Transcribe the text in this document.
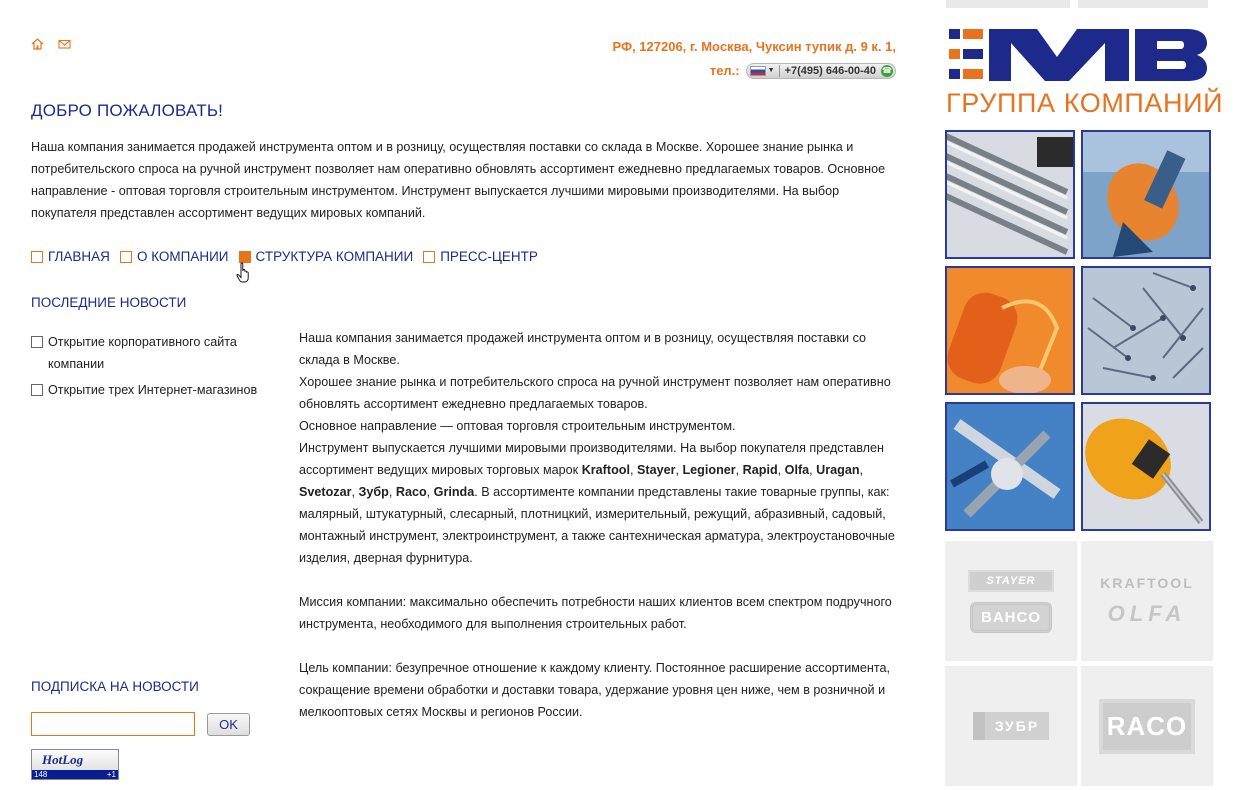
РФ, 127206, г. Москва, Чуксин тупик д. 9 к. 1,
тел.:	▼ +7(495) 646-00-40 ☎
ДОБРО ПОЖАЛОВАТЬ!
Наша компания занимается продажей инструмента оптом и в розницу, осуществляя поставки со склада в Москве. Хорошее знание рынка и потребительского спроса на ручной инструмент позволяет нам оперативно обновлять ассортимент ежедневно предлагаемых товаров. Основное направление - оптовая торговля строительным инструментом. Инструмент выпускается лучшими мировыми производителями. На выбор покупателя представлен ассортимент ведущих мировых компаний.
ГЛАВНАЯ О КОМПАНИИ СТРУКТУРА КОМПАНИИ ПРЕСС-ЦЕНТР
ПОСЛЕДНИЕ НОВОСТИ
Открытие корпоративного сайта компании
Открытие трех Интернет-магазинов

Наша компания занимается продажей инструмента оптом и в розницу, осуществляя поставки со склада в Москве.
Хорошее знание рынка и потребительского спроса на ручной инструмент позволяет нам оперативно обновлять ассортимент ежедневно предлагаемых товаров.
Основное направление — оптовая торговля строительным инструментом.
Инструмент выпускается лучшими мировыми производителями. На выбор покупателя представлен ассортимент ведущих мировых торговых марок Kraftool, Stayer, Legioner, Rapid, Olfa, Uragan, Svetozar, Зубр, Raco, Grinda. В ассортименте компании представлены такие товарные группы, как: малярный, штукатурный, слесарный, плотницкий, измерительный, режущий, абразивный, садовый, монтажный инструмент, электроинструмент, а также сантехническая арматура, электроустановочные изделия, дверная фурнитура.

Миссия компании: максимально обеспечить потребности наших клиентов всем спектром подручного инструмента, необходимого для выполнения строительных работ.

Цель компании: безупречное отношение к каждому клиенту. Постоянное расширение ассортимента, сокращение времени обработки и доставки товара, удержание уровня цен ниже, чем в розничной и мелкооптовых сетях Москвы и регионов России.

ПОДПИСКА НА НОВОСТИ
OK
HotLog
148	+1
ГРУППА КОМПАНИЙ
STAYER
BAHCO
KRAFTOOL
OLFA
ЗУБР	RACO
